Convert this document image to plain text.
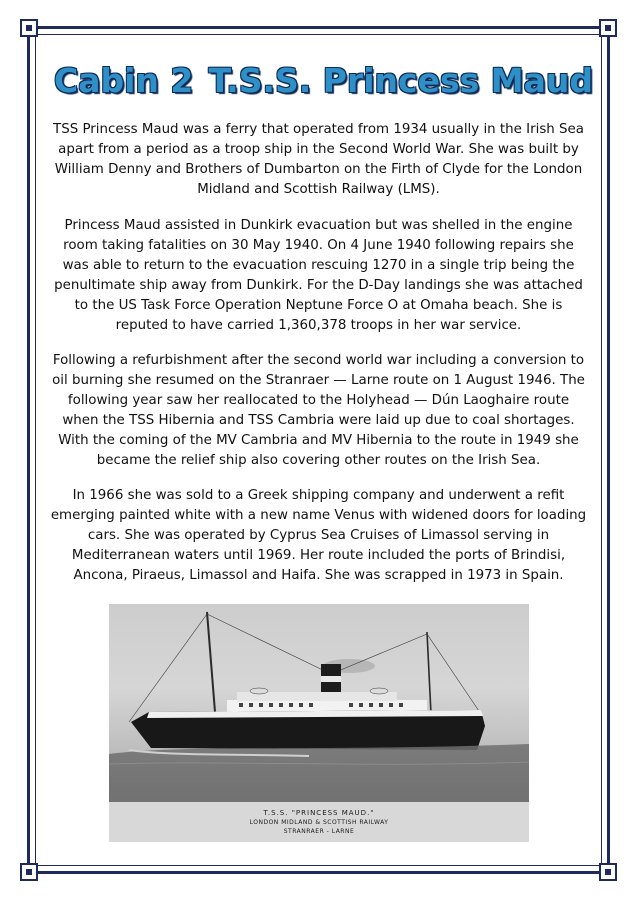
Cabin 2 T.S.S. Princess Maud

TSS Princess Maud was a ferry that operated from 1934 usually in the Irish Sea apart from a period as a troop ship in the Second World War. She was built by William Denny and Brothers of Dumbarton on the Firth of Clyde for the London Midland and Scottish Railway (LMS).

Princess Maud assisted in Dunkirk evacuation but was shelled in the engine room taking fatalities on 30 May 1940. On 4 June 1940 following repairs she was able to return to the evacuation rescuing 1270 in a single trip being the penultimate ship away from Dunkirk. For the D-Day landings she was attached to the US Task Force Operation Neptune Force O at Omaha beach. She is reputed to have carried 1,360,378 troops in her war service.

Following a refurbishment after the second world war including a conversion to oil burning she resumed on the Stranraer — Larne route on 1 August 1946. The following year saw her reallocated to the Holyhead — Dún Laoghaire route when the TSS Hibernia and TSS Cambria were laid up due to coal shortages. With the coming of the MV Cambria and MV Hibernia to the route in 1949 she became the relief ship also covering other routes on the Irish Sea.

In 1966 she was sold to a Greek shipping company and underwent a refit emerging painted white with a new name Venus with widened doors for loading cars. She was operated by Cyprus Sea Cruises of Limassol serving in Mediterranean waters until 1969. Her route included the ports of Brindisi, Ancona, Piraeus, Limassol and Haifa. She was scrapped in 1973 in Spain.

T.S.S. "PRINCESS MAUD."
LONDON MIDLAND & SCOTTISH RAILWAY
STRANRAER - LARNE
